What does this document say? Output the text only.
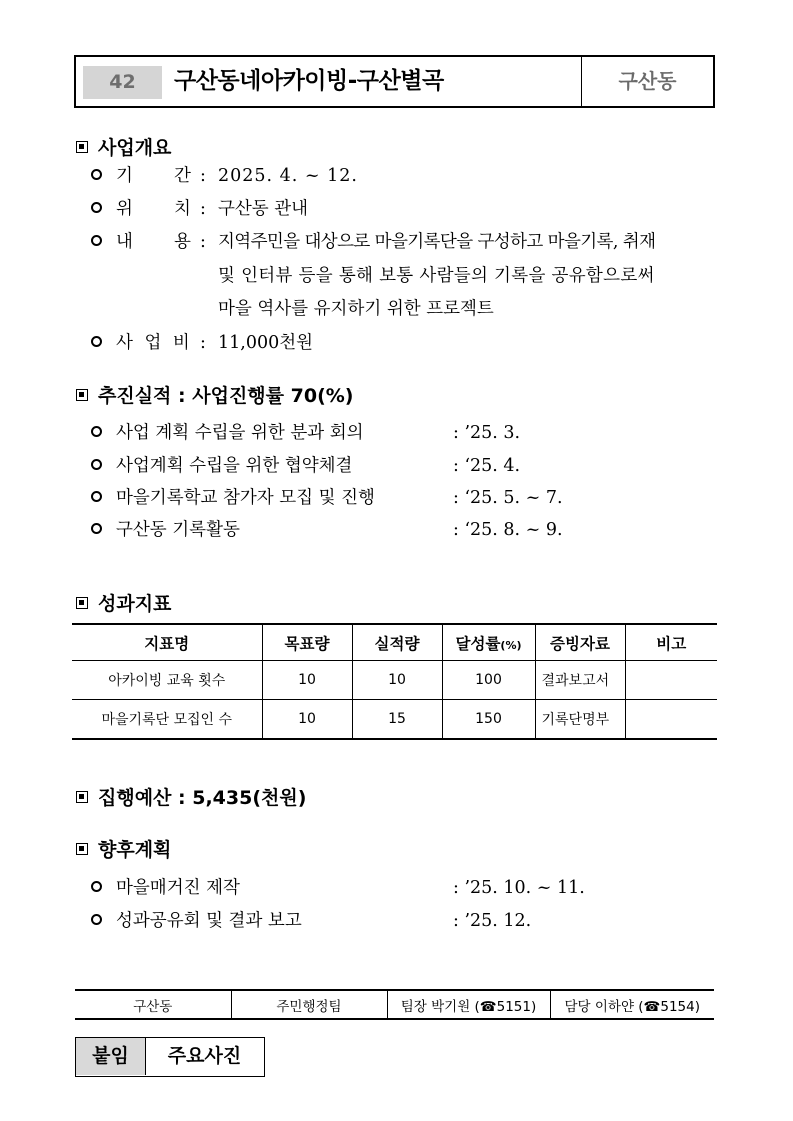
42	구산동네아카이빙-구산별곡	구산동
사업개요
기 간 : 2025. 4. ~ 12.
위 치 : 구산동 관내
내 용 : 지역주민을 대상으로 마을기록단을 구성하고 마을기록, 취재
및 인터뷰 등을 통해 보통 사람들의 기록을 공유함으로써
마을 역사를 유지하기 위한 프로젝트
사 업 비 : 11,000천원
추진실적 : 사업진행률 70(%)
사업 계획 수립을 위한 분과 회의	: ’25. 3.
사업계획 수립을 위한 협약체결	: ‘25. 4.
마을기록학교 참가자 모집 및 진행	: ‘25. 5. ~ 7.
구산동 기록활동	: ‘25. 8. ~ 9.
성과지표
지표명	목표량	실적량	달성률(%)	증빙자료	비고
아카이빙 교육 횟수	10	10	100	결과보고서	
마을기록단 모집인 수	10	15	150	기록단명부	
집행예산 : 5,435(천원)
향후계획
마을매거진 제작	: ’25. 10. ~ 11.
성과공유회 및 결과 보고	: ’25. 12.
구산동	주민행정팀	팀장 박기원 (☎5151)	담당 이하얀 (☎5154)
붙임	주요사진
